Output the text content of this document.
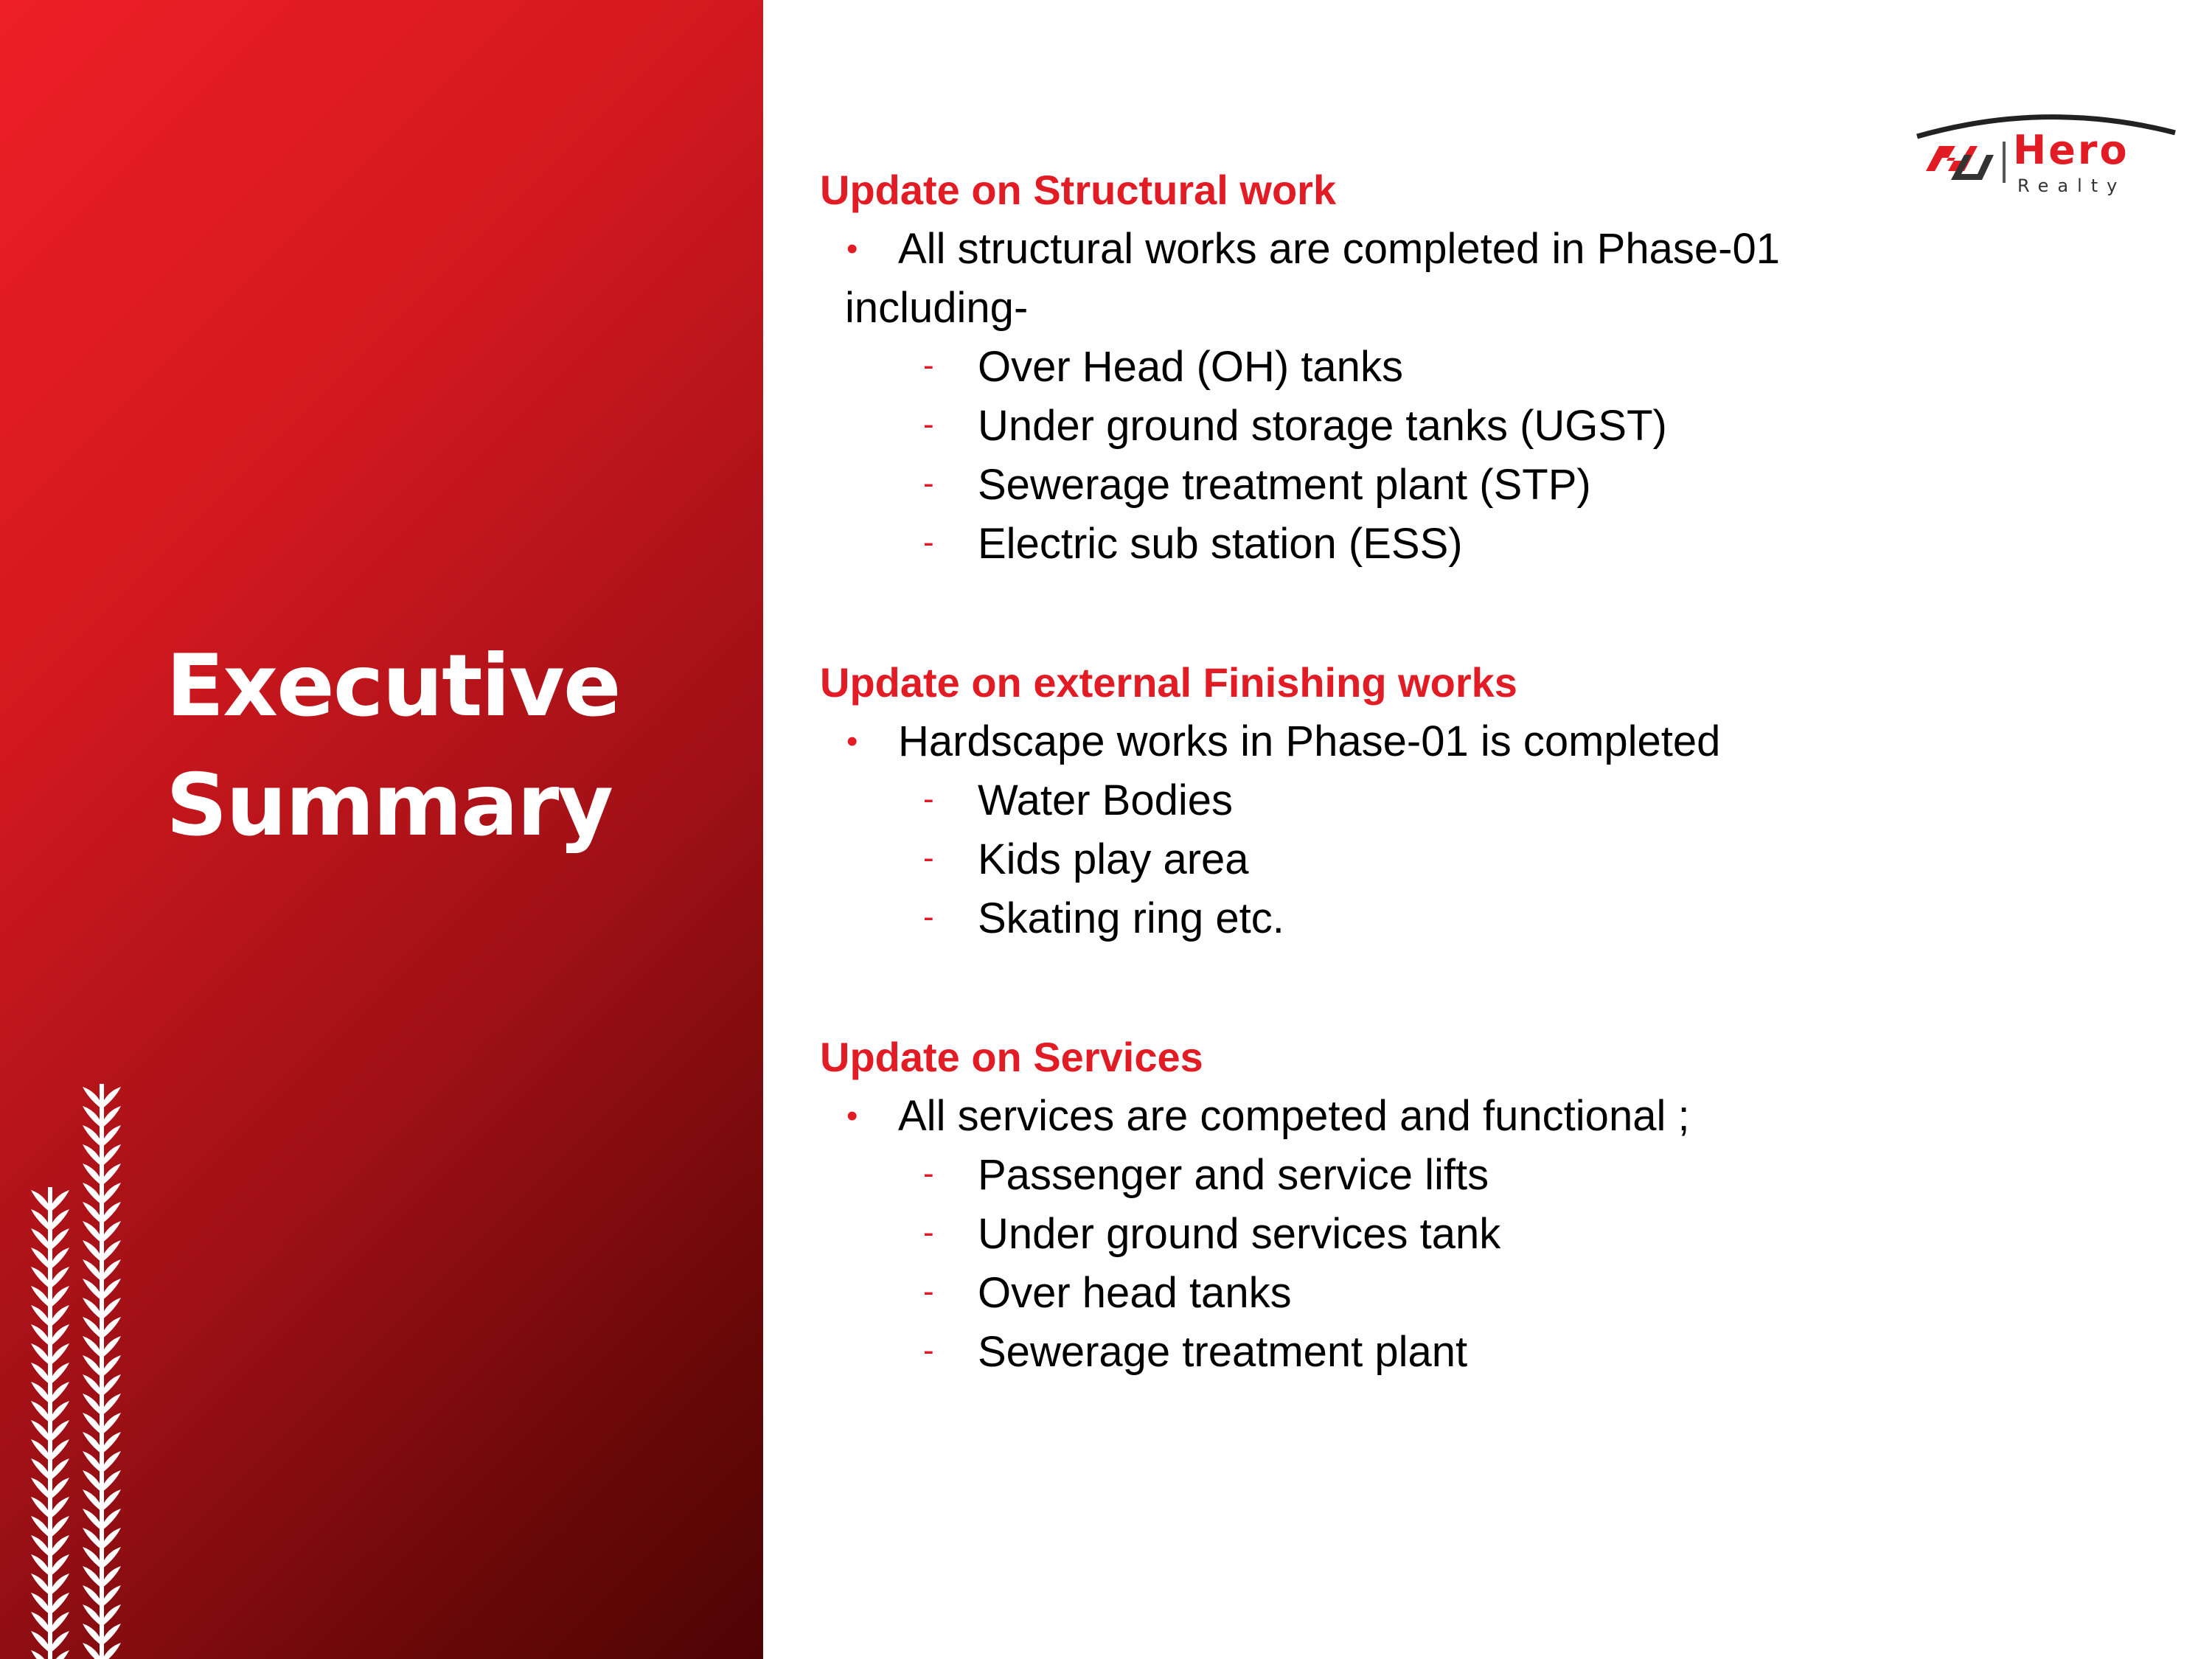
Executive
Summary
Hero
Realty
Update on Structural work
• All structural works are completed in Phase-01
including-
- Over Head (OH) tanks
- Under ground storage tanks (UGST)
- Sewerage treatment plant (STP)
- Electric sub station (ESS)
Update on external Finishing works
• Hardscape works in Phase-01 is completed
- Water Bodies
- Kids play area
- Skating ring etc.
Update on Services
• All services are competed and functional ;
- Passenger and service lifts
- Under ground services tank
- Over head tanks
- Sewerage treatment plant
